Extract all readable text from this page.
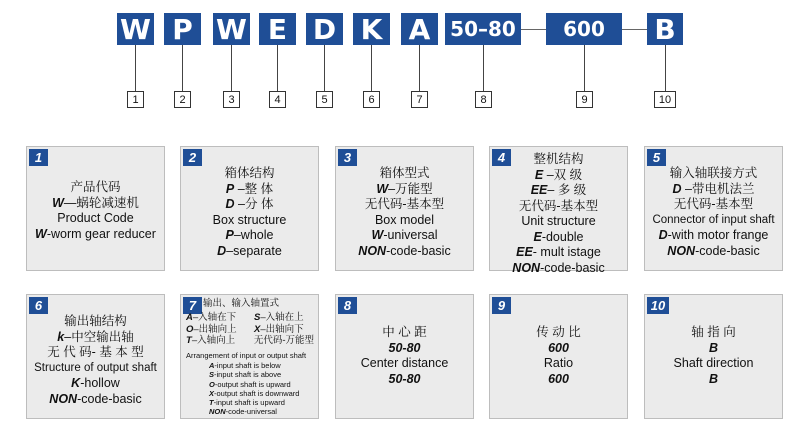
W P W E D K A 50–80	600	B
1	2	3	4	5	6	7	8	9	10
1
产品代码
W—蜗轮减速机
Product Code
W-worm gear reducer
2
箱体结构
P –整 体
D –分 体
Box structure
P–whole
D–separate
3
箱体型式
W–万能型
无代码-基本型
Box model
W-universal
NON-code-basic
4	整机结构
E –双 级
EE– 多 级
无代码-基本型
Unit structure
E-double
EE- mult istage
NON-code-basic
5
输入轴联接方式
D –带电机法兰
无代码-基本型
Connector of input shaft
D-with motor frange
NON-code-basic
6
输出轴结构
k–中空输出轴
无 代 码- 基 本 型
Structure of output shaft
K-hollow
NON-code-basic
7 输出、输入轴置式
A–入轴在下	S–入轴在上
O–出轴向上	X–出轴向下
T–入轴向上	无代码-万能型
Arrangement of input or output shaft
A-input shaft is below
S-input shaft is above
O-output shaft is upward
X-output shaft is downward
T-input shaft is upward
NON-code-universal
8
中 心 距
50-80
Center distance
50-80
9
传 动 比
600
Ratio
600
10
轴 指 向
B
Shaft direction
B
